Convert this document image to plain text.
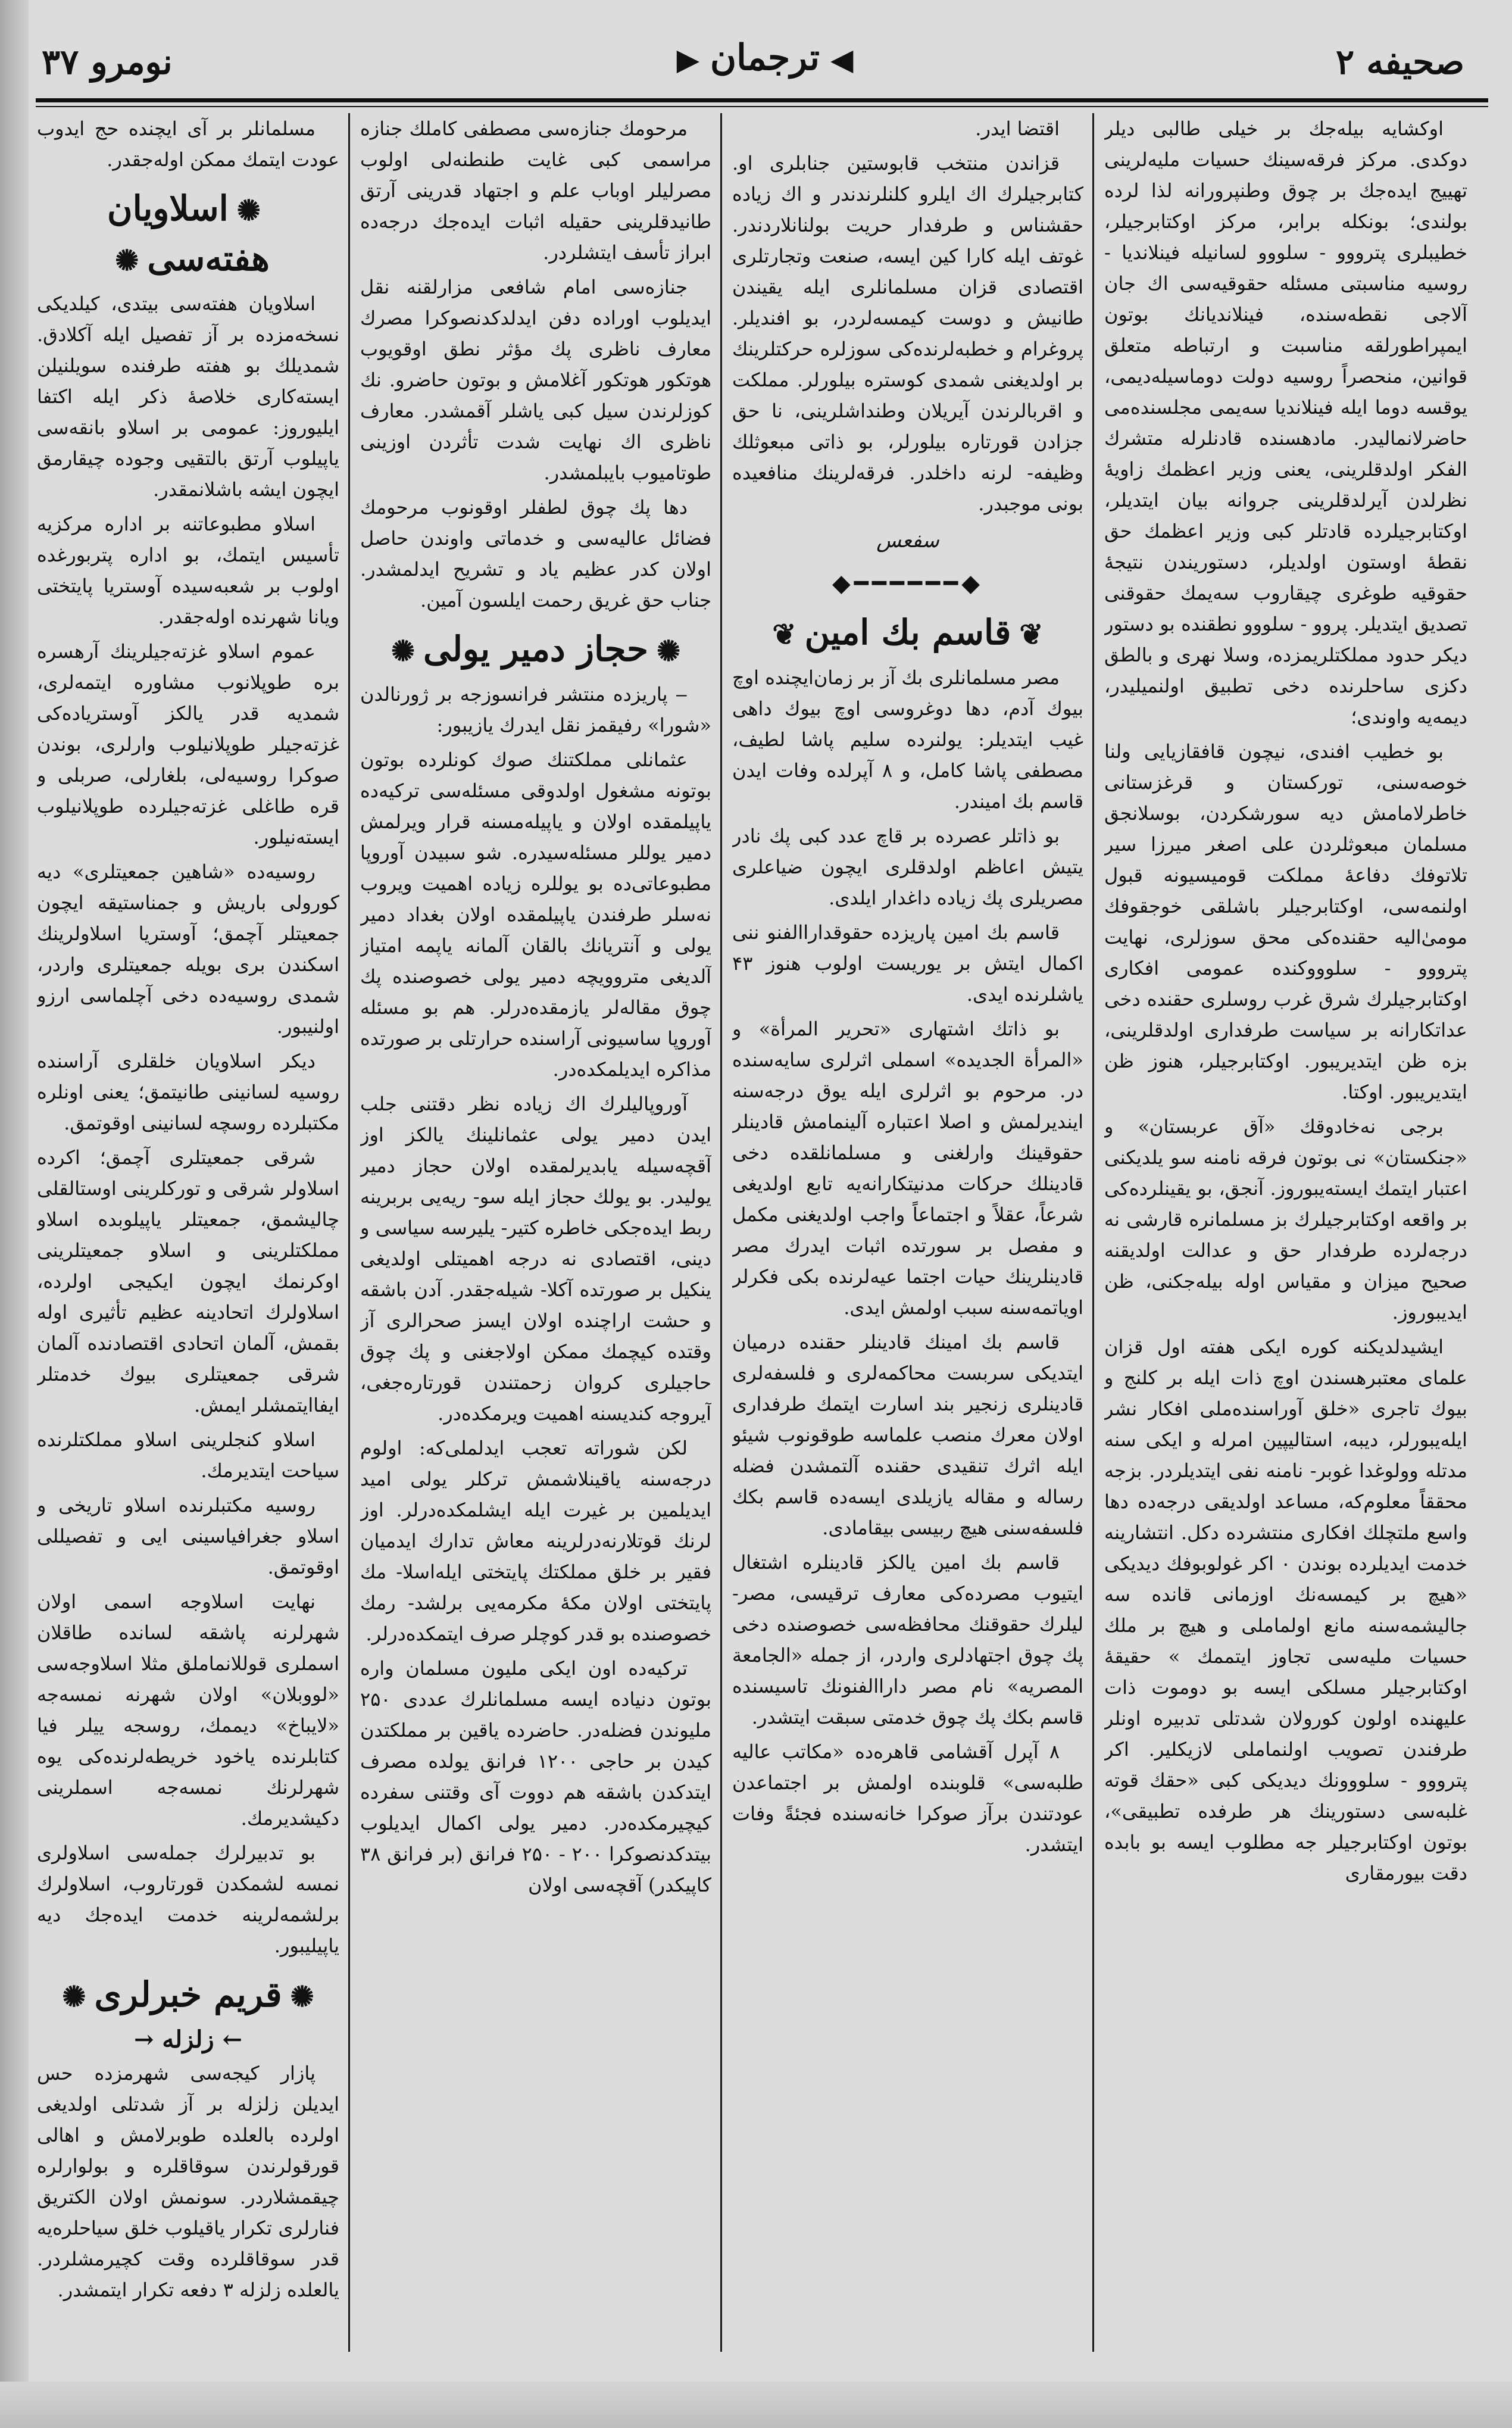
صحیفه ۲
◀ترجمان▶
نومرو ۳۷

اوکشایه بیله‌جك بر خیلی طالبی دیلر دوکدی. مرکز فرقه‌سینك حسیات ملیه‌لرینی تهییج ایده‌جك بر چوق وطنپرورانه لذا لرده بولندی؛ بونکله برابر، مرکز اوکتابرجیلر، خطیبلری پترووو - سلووو لسانیله فینلاندیا - روسیه مناسبتی مسئله حقوقیه‌سی اك جان آلاجی نقطه‌سنده، فینلاندیانك بوتون ایمپراطورلقه مناسبت و ارتباطه متعلق قوانین، منحصراً روسیه دولت دوماسیله‌دیمی، یوقسه دوما ایله فینلاندیا سه‌یمی مجلسنده‌می حاضرلانمالیدر. مادهسنده قادنلرله متشرك الفکر اولدقلرینی، یعنی وزیر اعظمك زاویهٔ نظرلدن آیرلدقلرینی جروانه بیان ایتدیلر، اوکتابرجیلرده قادتلر کبی وزیر اعظمك حق نقطهٔ اوستون اولدیلر، دستوریندن نتیجهٔ حقوقیه طوغری چیقاروب سه‌یمك حقوقنی تصدیق ایتدیلر. پروو - سلووو نطقنده بو دستور دیکر حدود مملکتلریمزده، وسلا نهری و بالطق دکزی ساحلرنده دخی تطبیق اولنمیلیدر، دیمه‌یه‌ واوندی؛

بو خطیب افندی، نیچون قافقازیایی ولنا خوصه‌سنی، تورکستان و قرغزستانی خاطرلامامش دیه سورشکردن، بوسلانجق مسلمان مبعوثلردن علی اصغر میرزا سیر تلاتوفك دفاعهٔ مملکت قومیسیونه قبول اولنمه‌سی، اوکتابرجیلر باشلقی خوجقوفك مومیٰ‌الیه حقنده‌کی محق سوزلری، نهایت پترووو - سلوووکنده عمومی افکاری اوکتابرجیلرك شرق غرب روسلری حقنده دخی عداتکارانه بر سیاست طرفداری اولدقلرینی، بزه ظن ایتدیریبور. اوکتابرجیلر، هنوز ظن ایتدیریبور. اوکتا.

برجی نه‌خادوقك «آق عربستان» و «جنکستان» نی بوتون فرقه نامنه سو یلدیکنی اعتبار ایتمك ایسته‌یبوروز. آنجق، بو یقینلرده‌کی بر واقعه اوکتابرجیلرك بز مسلمانره قارشی نه درجه‌لرده طرفدار حق و عدالت اولدیقنه صحیح میزان و مقیاس اوله بیله‌جکنی، ظن ایدیبوروز.

ایشیدلدیکنه کوره ایکی هفته اول قزان علمای معتبرهسندن اوچ ذات ایله بر کلنج و بیوك تاجری «خلق آوراسنده‌ملی افکار نشر ایله‌یبورلر، دیبه، استالیپین امرله و ایکی سنه مدتله وولوغدا غوبر- نامنه نفی ایتدیلردر. بزجه محققاً معلوم‌که، مساعد اولدیقی درجه‌ده دها واسع ملتچلك افکاری منتشرده دکل. انتشارینه خدمت ایدیلرده بوندن ۰ اکر غولوبوفك دیدیکی «هیچ بر کیمسه‌نك اوزمانی قانده سه‌ جالیشمه‌سنه مانع اولماملی و هیچ بر ملك حسیات ملیه‌سی تجاوز ایتممك » حقیقهٔ اوکتابرجیلر مسلکی ایسه بو دوموت ذات علیهنده‌ اولون کورولان شدتلی تدبیره اونلر طرفندن تصویب اولنماملی لازیکلیر. اکر پترووو - سلووونك دیدیکی کبی «حقك قوته غلبه‌سی دستورینك هر طرفده تطبیقی»، بوتون اوکتابرجیلر جه‌ مطلوب ایسه بو بابده دقت بیورمقاری

اقتضا ایدر.

قزاندن منتخب قابوستین جنابلری او. کتابرجیلرك اك ایلرو کلنلرندندر و اك زیاده حقشناس و طرفدار حریت بولنانلاردندر. غوتف ایله کارا کین ایسه، صنعت وتجارتلری اقتصادی قزان مسلمانلری ایله یقیندن طانیش و دوست کیمسه‌لردر، بو افندیلر. پروغرام و خطبه‌لرنده‌کی سوزلره حرکتلرینك بر اولدیغنی شمدی کوستره بیلورلر. مملکت و اقربالرندن آیریلان وطنداشلرینی، نا حق جزادن قورتاره بیلورلر، بو ذاتی مبعوثلك وظیفه- لرنه داخلدر. فرقه‌لرینك منافعیده بونی موجبدر.

سفعس
◆━━━━━━◆
❦قاسم بك امین❦

مصر مسلمانلری بك آز بر زمان‌ایچنده اوچ بیوك آدم، دها دوغروسی اوچ بیوك داهی غیب ایتدیلر: یولنرده سلیم پاشا لطیف، مصطفی پاشا کامل، و ۸ آپرلده وفات ایدن قاسم بك امیندر.

بو ذاتلر عصرده بر قاچ عدد کبی پك نادر یتیش اعاظم اولدقلری ایچون ضیاعلری مصریلری پك زیاده داغدار ایلدی.

قاسم بك امین پاریزده حقوقداراالفنو ننی اکمال ایتش بر یوریست اولوب هنوز ۴۳ یاشلرنده ایدی.

بو ذاتك اشتهاری «تحریر المرأة» و «المرأة الجدیده» اسملی اثرلری سایه‌سنده در. مرحوم بو اثرلری ایله یوق درجه‌سنه ایندیرلمش و اصلا اعتباره آلینمامش قادینلر حقوقینك وارلغنی و مسلمانلقده دخی قادینلك حرکات مدنیتکارانه‌یه تابع اولدیغی شرعاً، عقلاً و اجتماعاً واجب اولدیغنی مکمل و مفصل بر سورتده اثبات ایدرك مصر قادینلرینك حیات اجتما عیه‌لرنده بکی فکرلر اویاتمه‌سنه سبب اولمش ایدی.

قاسم بك امینك قادینلر حقنده درمیان ایتدیکی سربست محاکمه‌لری و فلسفه‌لری قادینلری زنجیر بند اسارت ایتمك طرفداری اولان معرك منصب علماسه طوقونوب شیئو ایله اثرك تنقیدی حقنده آلتمشدن فضله رساله و مقاله یازیلدی ایسه‌ده قاسم بکك فلسفه‌سنی هیچ ربیسی بیقامادی.

قاسم بك امین یالکز قادینلره اشتغال ایتیوب مصرده‌کی معارف ترقیسی، مصر- لیلرك حقوقنك محافظه‌سی خصوصنده دخی پك چوق اجتهادلری واردر، از جمله «الجامعة المصریه» نام مصر داراالفنونك تاسیسنده قاسم بکك پك چوق خدمتی سبقت ایتشدر.

۸ آپرل آقشامی قاهره‌ده «مکاتب عالیه طلبه‌سی» قلوبنده اولمش بر اجتماعدن عودتندن برآز صوکرا خانه‌سنده فجئةً وفات ایتشدر.

مرحومك جنازه‌سی مصطفی کاملك جنازه مراسمی کبی غایت طنطنه‌لی اولوب مصرلیلر اوباب علم و اجتهاد قدرینی آرتق طانیدقلرینی حقیله اثبات ایده‌جك درجه‌ده ابراز تأسف ایتشلردر.

جنازه‌سی امام شافعی مزارلقنه نقل ایدیلوب اوراده دفن ایدلدکدنصوکرا مصرك معارف ناظری پك مؤثر نطق اوقویوب هوتکور هوتکور آغلامش و بوتون حاضرو. نك کوزلرندن سیل کبی یاشلر آقمشدر. معارف ناظری اك نهایت شدت تأثردن اوزینی طوتامیوب بایبلمشدر.

دها پك چوق لطفلر اوقونوب مرحومك فضائل عالیه‌سی و خدماتی واوندن حاصل اولان کدر عظیم یاد و تشریح ایدلمشدر. جناب حق غریق رحمت ایلسون آمین.

✺حجاز دمیر یولی✺

‒ پاریزده منتشر فرانسوزجه بر ژورنالدن «شورا» رفیقمز نقل ایدرك یازیبور:

عثمانلی مملکتنك صوك کونلرده بوتون بوتونه مشغول اولدوقی مسئله‌سی ترکیه‌ده یاپیلمقده اولان و یاپیله‌مسنه قرار ویرلمش دمیر یوللر مسئله‌سیدره. شو سبیدن آوروپا مطبوعاتی‌ده بو یوللره زیاده اهمیت ویروب نه‌سلر طرفندن یاپیلمقده اولان بغداد دمیر یولی و آنتریانك بالقان آلمانه یاپمه امتیاز آلدیغی متروویچه دمیر یولی خصوصنده پك چوق مقاله‌لر یازمقده‌درلر. هم بو مسئله آوروپا ساسیونی آراسنده حرارتلی بر صورتده مذاکره ایدیلمکده‌در.

آوروپالیلرك اك زیاده نظر دقتنی جلب ایدن دمیر یولی عثمانلینك یالکز اوز آقچه‌سیله یابدیرلمقده اولان حجاز دمیر یولیدر. بو یولك حجاز ایله سو- ریه‌یی بربرینه ربط ایده‌جکی خاطره کتیر- یلیرسه سیاسی و دینی، اقتصادی نه درجه اهمیتلی اولدیغی ینکیل بر صورتده آکلا- شیله‌جقدر. آدن باشقه و حشت اراچنده اولان ایسز صحرالری آز وقتده کیچمك ممکن اولاجغنی و پك چوق حاجیلری کروان زحمتندن قورتاره‌جغی، آیروجه کندیسنه اهمیت ویرمکده‌در.

لکن شوراته تعجب ایدلملی‌که: اولوم درجه‌سنه یاقینلاشمش ترکلر یولی امید ایدیلمین بر غیرت ایله ایشلمکده‌درلر. اوز لرنك قوتلارنه‌درلرینه معاش تدارك ایدمیان فقیر بر خلق مملکتك پایتختی ایله‌اسلا- مك پایتختی اولان مکهٔ مکرمه‌یی برلشد- رمك خصوصنده بو قدر کوچلر صرف ایتمکده‌درلر.

ترکیه‌ده اون ایکی ملیون مسلمان واره بوتون دنیاده ایسه مسلمانلرك عددی ۲۵۰ ملیوندن فضله‌در. حاضرده یاقین بر مملکتدن کیدن بر حاجی ۱۲۰۰ فرانق یولده مصرف ایتدکدن باشقه هم دووت آی وقتنی سفرده کیچیرمکده‌در. دمیر یولی اکمال ایدیلوب بیتدکدنصوکرا ۲۰۰ - ۲۵۰ فرانق (بر فرانق ۳۸ کاپیکدر) آقچه‌سی اولان

مسلمانلر بر آی ایچنده حج ایدوب عودت ایتمك ممکن اوله‌جقدر.

✺اسلاویان هفته‌سی✺

اسلاویان هفته‌سی بیتدی، کیلدیکی نسخه‌مزده بر آز تفصیل ایله آکلادق. شمدیلك بو هفته طرفنده سویلنیلن ایسته‌کاری خلاصهٔ ذکر ایله اکتفا ایلیوروز: عمومی بر اسلاو بانقه‌سی یاپیلوب آرتق بالتقیی وجوده چیقارمق ایچون ایشه باشلانمقدر.

اسلاو مطبوعاتنه بر اداره مرکزیه تأسیس ایتمك، بو اداره پتربورغده اولوب بر شعبه‌سیده آوستریا پایتختی ویانا شهرنده اوله‌جقدر.

عموم اسلاو غزته‌جیلرینك آرهسره بره طوپلانوب مشاوره ایتمه‌لری، شمدیه قدر یالکز آوستریاده‌کی غزته‌جیلر طوپلانیلوب وارلری، بوندن صوکرا روسیه‌لی، بلغارلی، صربلی و قره طاغلی غزته‌جیلرده طوپلانیلوب ایسته‌نیلور.

روسیه‌ده «شاهین جمعیتلری» دیه کورولی باریش و جمناستیقه ایچون جمعیتلر آچمق؛ آوستریا اسلاولرینك اسکندن بری بویله جمعیتلری واردر، شمدی روسیه‌ده دخی آچلماسی ارزو اولنیبور.

دیکر اسلاویان خلقلری آراسنده روسیه لسانینی طانیتمق؛ یعنی اونلره مکتبلرده روسچه لسانینی اوقوتمق.

شرقی جمعیتلری آچمق؛ اکرده اسلاولر شرقی و تورکلرینی اوستالقلی چالیشمق، جمعیتلر یاپیلوبده اسلاو مملکتلرینی و اسلاو جمعیتلرینی اوکرنمك ایچون ایکیجی اولرده، اسلاولرك اتحادینه عظیم تأثیری اوله‌ بقمش، آلمان اتحادی اقتصادنده آلمان شرقی جمعیتلری بیوك خدمتلر ایفاایتمشلر ایمش.

اسلاو کنجلرینی اسلاو مملکتلرنده سیاحت ایتدیرمك.

روسیه مکتبلرنده اسلاو تاریخی و اسلاو جغرافیاسینی ایی و تفصیللی اوقوتمق.

نهایت اسلاوجه اسمی اولان شهرلرنه پاشقه لسانده طاقلان اسملری قوللانماملق مثلا اسلاوجه‌سی «لووبلان» اولان شهرنه نمسه‌جه «لایباخ» دیممك، روسجه ییلر فیا کتابلرنده یاخود خریطه‌لرنده‌کی یوه شهرلرنك نمسه‌جه اسملرینی دکیشدیرمك.

بو تدبیرلرك جمله‌سی اسلاولری نمسه لشمکدن قورتاروب، اسلاولرك برلشمه‌لرینه خدمت ایده‌جك دیه یاپیلیبور.

✺قریم خبرلری✺
← زلزله →

پازار کیجه‌سی شهرمزده حس ایدیلن زلزله بر آز شدتلی اولدیغی اولرده بالعلده طوبرلامش و اهالی قورقولرندن سوقاقلره و بولوارلره چیقمشلاردر. سونمش اولان الکتریق فنارلری تکرار یاقیلوب خلق سیاحلره‌یه قدر سوقاقلرده وقت کچیرمشلردر. یالعلده زلزله ۳ دفعه تکرار ایتمشدر.
